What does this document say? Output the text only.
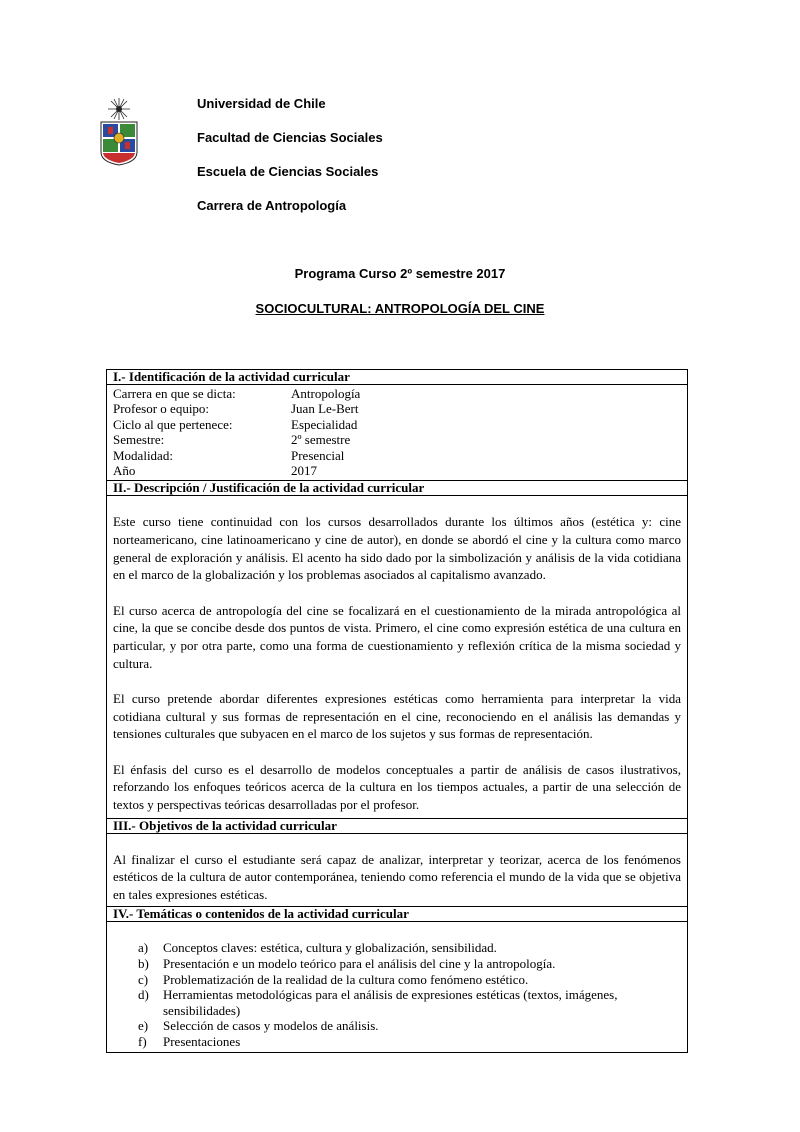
Universidad de Chile
Facultad de Ciencias Sociales
Escuela de Ciencias Sociales
Carrera de Antropología
Programa Curso 2º semestre 2017
SOCIOCULTURAL: ANTROPOLOGÍA DEL CINE
I.- Identificación de la actividad curricular
Carrera en que se dicta:	Antropología
Profesor o equipo:	Juan Le-Bert
Ciclo al que pertenece:	Especialidad
Semestre:	2º semestre
Modalidad:	Presencial
Año	2017
II.- Descripción / Justificación de la actividad curricular

Este curso tiene continuidad con los cursos desarrollados durante los últimos años (estética y: cine norteamericano, cine latinoamericano y cine de autor), en donde se abordó el cine y la cultura como marco general de exploración y análisis. El acento ha sido dado por la simbolización y análisis de la vida cotidiana en el marco de la globalización y los problemas asociados al capitalismo avanzado.

El curso acerca de antropología del cine se focalizará en el cuestionamiento de la mirada antropológica al cine, la que se concibe desde dos puntos de vista. Primero, el cine como expresión estética de una cultura en particular, y por otra parte, como una forma de cuestionamiento y reflexión crítica de la misma sociedad y cultura.

El curso pretende abordar diferentes expresiones estéticas como herramienta para interpretar la vida cotidiana cultural y sus formas de representación en el cine, reconociendo en el análisis las demandas y tensiones culturales que subyacen en el marco de los sujetos y sus formas de representación.

El énfasis del curso es el desarrollo de modelos conceptuales a partir de análisis de casos ilustrativos, reforzando los enfoques teóricos acerca de la cultura en los tiempos actuales, a partir de una selección de textos y perspectivas teóricas desarrolladas por el profesor.

III.- Objetivos de la actividad curricular
Al finalizar el curso el estudiante será capaz de analizar, interpretar y teorizar, acerca de los fenómenos estéticos de la cultura de autor contemporánea, teniendo como referencia el mundo de la vida que se objetiva en tales expresiones estéticas.
IV.- Temáticas o contenidos de la actividad curricular
a)	Conceptos claves: estética, cultura y globalización, sensibilidad.
b)	Presentación e un modelo teórico para el análisis del cine y la antropología.
c)	Problematización de la realidad de la cultura como fenómeno estético.
d)	Herramientas metodológicas para el análisis de expresiones estéticas (textos, imágenes, sensibilidades)
e)	Selección de casos y modelos de análisis.
f)	Presentaciones
